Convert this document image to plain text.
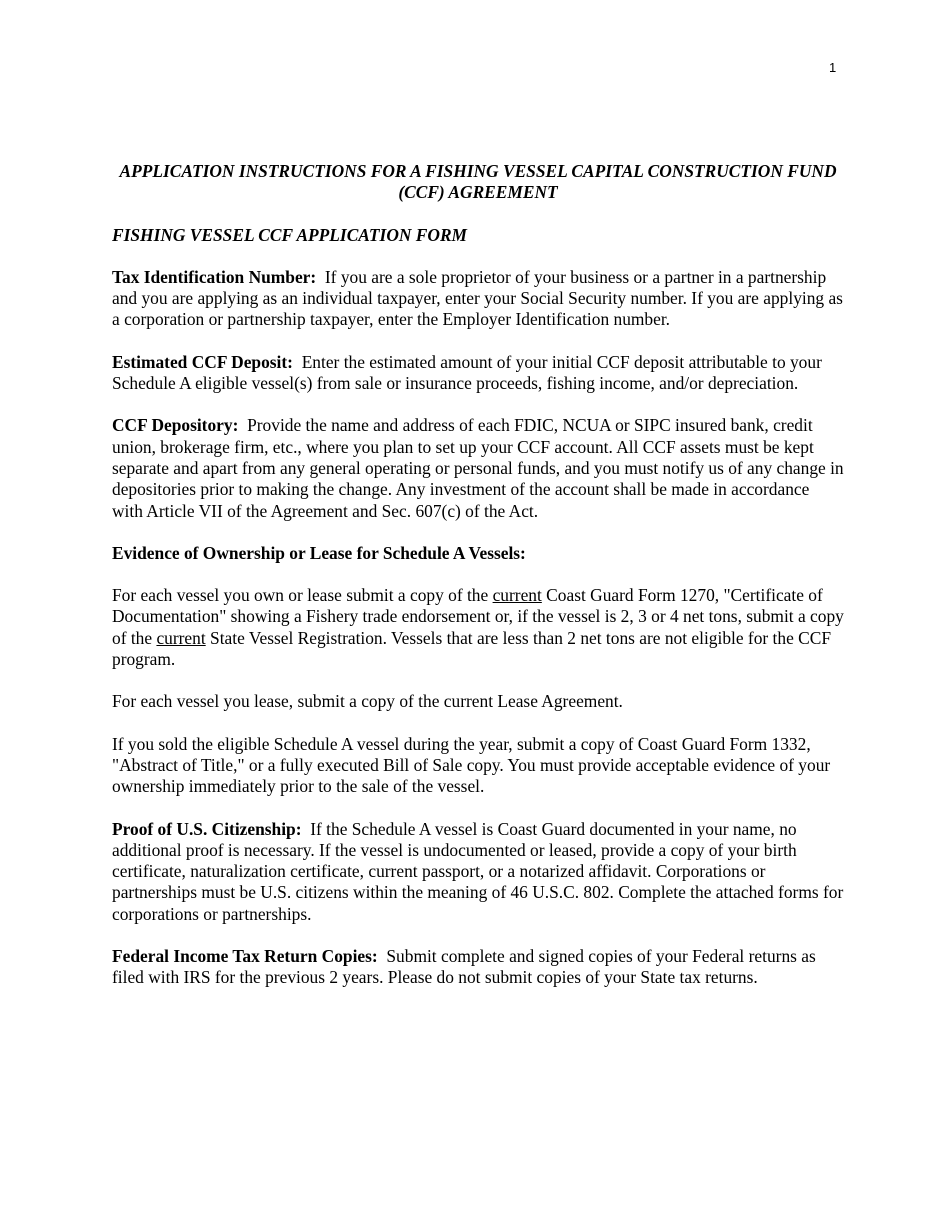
1

APPLICATION INSTRUCTIONS FOR A FISHING VESSEL CAPITAL CONSTRUCTION FUND (CCF) AGREEMENT

FISHING VESSEL CCF APPLICATION FORM

Tax Identification Number: If you are a sole proprietor of your business or a partner in a partnership and you are applying as an individual taxpayer, enter your Social Security number. If you are applying as a corporation or partnership taxpayer, enter the Employer Identification number.

Estimated CCF Deposit: Enter the estimated amount of your initial CCF deposit attributable to your Schedule A eligible vessel(s) from sale or insurance proceeds, fishing income, and/or depreciation.

CCF Depository: Provide the name and address of each FDIC, NCUA or SIPC insured bank, credit union, brokerage firm, etc., where you plan to set up your CCF account. All CCF assets must be kept separate and apart from any general operating or personal funds, and you must notify us of any change in depositories prior to making the change. Any investment of the account shall be made in accordance with Article VII of the Agreement and Sec. 607(c) of the Act.

Evidence of Ownership or Lease for Schedule A Vessels:

For each vessel you own or lease submit a copy of the current Coast Guard Form 1270, "Certificate of Documentation" showing a Fishery trade endorsement or, if the vessel is 2, 3 or 4 net tons, submit a copy of the current State Vessel Registration. Vessels that are less than 2 net tons are not eligible for the CCF program.

For each vessel you lease, submit a copy of the current Lease Agreement.

If you sold the eligible Schedule A vessel during the year, submit a copy of Coast Guard Form 1332, "Abstract of Title," or a fully executed Bill of Sale copy. You must provide acceptable evidence of your ownership immediately prior to the sale of the vessel.

Proof of U.S. Citizenship: If the Schedule A vessel is Coast Guard documented in your name, no additional proof is necessary. If the vessel is undocumented or leased, provide a copy of your birth certificate, naturalization certificate, current passport, or a notarized affidavit. Corporations or partnerships must be U.S. citizens within the meaning of 46 U.S.C. 802. Complete the attached forms for corporations or partnerships.

Federal Income Tax Return Copies: Submit complete and signed copies of your Federal returns as filed with IRS for the previous 2 years. Please do not submit copies of your State tax returns.
